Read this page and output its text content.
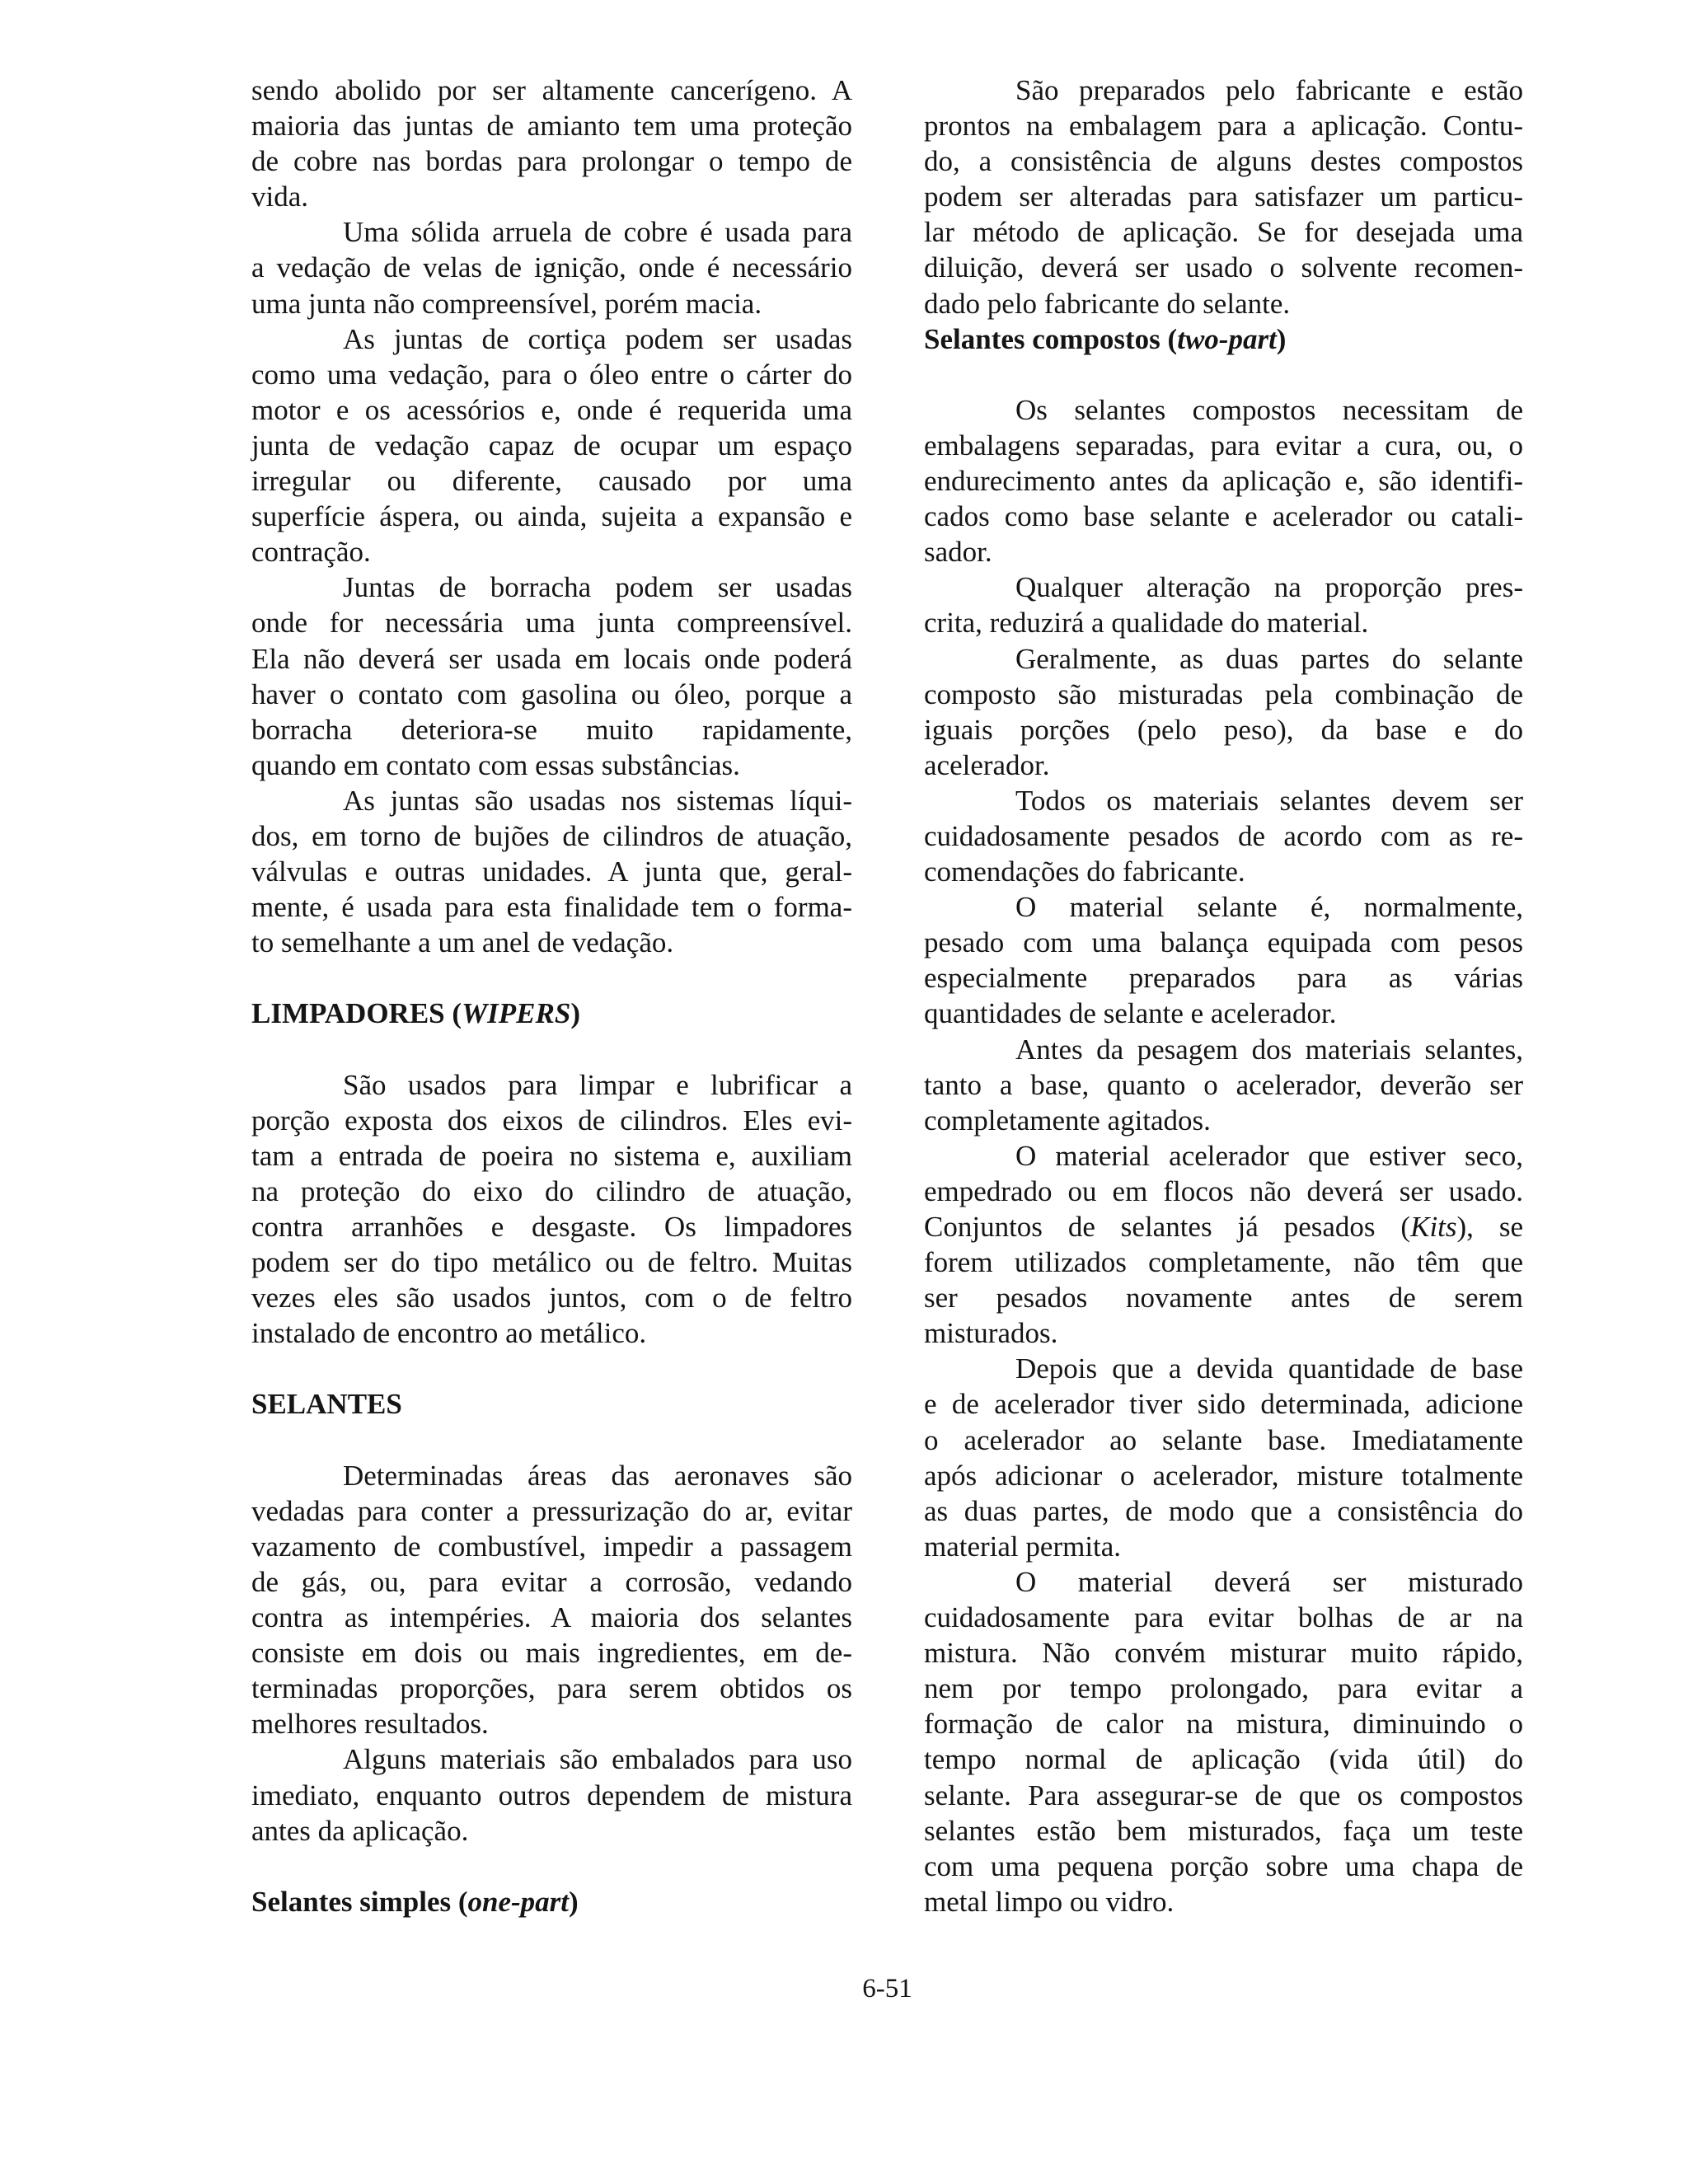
sendo abolido por ser altamente cancerígeno. A
maioria das juntas de amianto tem uma proteção
de cobre nas bordas para prolongar o tempo de
vida.
Uma sólida arruela de cobre é usada para
a vedação de velas de ignição, onde é necessário
uma junta não compreensível, porém macia.
As juntas de cortiça podem ser usadas
como uma vedação, para o óleo entre o cárter do
motor e os acessórios e, onde é requerida uma
junta de vedação capaz de ocupar um espaço
irregular ou diferente, causado por uma
superfície áspera, ou ainda, sujeita a expansão e
contração.
Juntas de borracha podem ser usadas
onde for necessária uma junta compreensível.
Ela não deverá ser usada em locais onde poderá
haver o contato com gasolina ou óleo, porque a
borracha deteriora-se muito rapidamente,
quando em contato com essas substâncias.
As juntas são usadas nos sistemas líqui-
dos, em torno de bujões de cilindros de atuação,
válvulas e outras unidades. A junta que, geral-
mente, é usada para esta finalidade tem o forma-
to semelhante a um anel de vedação.
LIMPADORES (WIPERS)
São usados para limpar e lubrificar a
porção exposta dos eixos de cilindros. Eles evi-
tam a entrada de poeira no sistema e, auxiliam
na proteção do eixo do cilindro de atuação,
contra arranhões e desgaste. Os limpadores
podem ser do tipo metálico ou de feltro. Muitas
vezes eles são usados juntos, com o de feltro
instalado de encontro ao metálico.
SELANTES
Determinadas áreas das aeronaves são
vedadas para conter a pressurização do ar, evitar
vazamento de combustível, impedir a passagem
de gás, ou, para evitar a corrosão, vedando
contra as intempéries. A maioria dos selantes
consiste em dois ou mais ingredientes, em de-
terminadas proporções, para serem obtidos os
melhores resultados.
Alguns materiais são embalados para uso
imediato, enquanto outros dependem de mistura
antes da aplicação.
Selantes simples (one-part)
São preparados pelo fabricante e estão
prontos na embalagem para a aplicação. Contu-
do, a consistência de alguns destes compostos
podem ser alteradas para satisfazer um particu-
lar método de aplicação. Se for desejada uma
diluição, deverá ser usado o solvente recomen-
dado pelo fabricante do selante.
Selantes compostos (two-part)
Os selantes compostos necessitam de
embalagens separadas, para evitar a cura, ou, o
endurecimento antes da aplicação e, são identifi-
cados como base selante e acelerador ou catali-
sador.
Qualquer alteração na proporção pres-
crita, reduzirá a qualidade do material.
Geralmente, as duas partes do selante
composto são misturadas pela combinação de
iguais porções (pelo peso), da base e do
acelerador.
Todos os materiais selantes devem ser
cuidadosamente pesados de acordo com as re-
comendações do fabricante.
O material selante é, normalmente,
pesado com uma balança equipada com pesos
especialmente preparados para as várias
quantidades de selante e acelerador.
Antes da pesagem dos materiais selantes,
tanto a base, quanto o acelerador, deverão ser
completamente agitados.
O material acelerador que estiver seco,
empedrado ou em flocos não deverá ser usado.
Conjuntos de selantes já pesados (Kits), se
forem utilizados completamente, não têm que
ser pesados novamente antes de serem
misturados.
Depois que a devida quantidade de base
e de acelerador tiver sido determinada, adicione
o acelerador ao selante base. Imediatamente
após adicionar o acelerador, misture totalmente
as duas partes, de modo que a consistência do
material permita.
O material deverá ser misturado
cuidadosamente para evitar bolhas de ar na
mistura. Não convém misturar muito rápido,
nem por tempo prolongado, para evitar a
formação de calor na mistura, diminuindo o
tempo normal de aplicação (vida útil) do
selante. Para assegurar-se de que os compostos
selantes estão bem misturados, faça um teste
com uma pequena porção sobre uma chapa de
metal limpo ou vidro.
6-51
